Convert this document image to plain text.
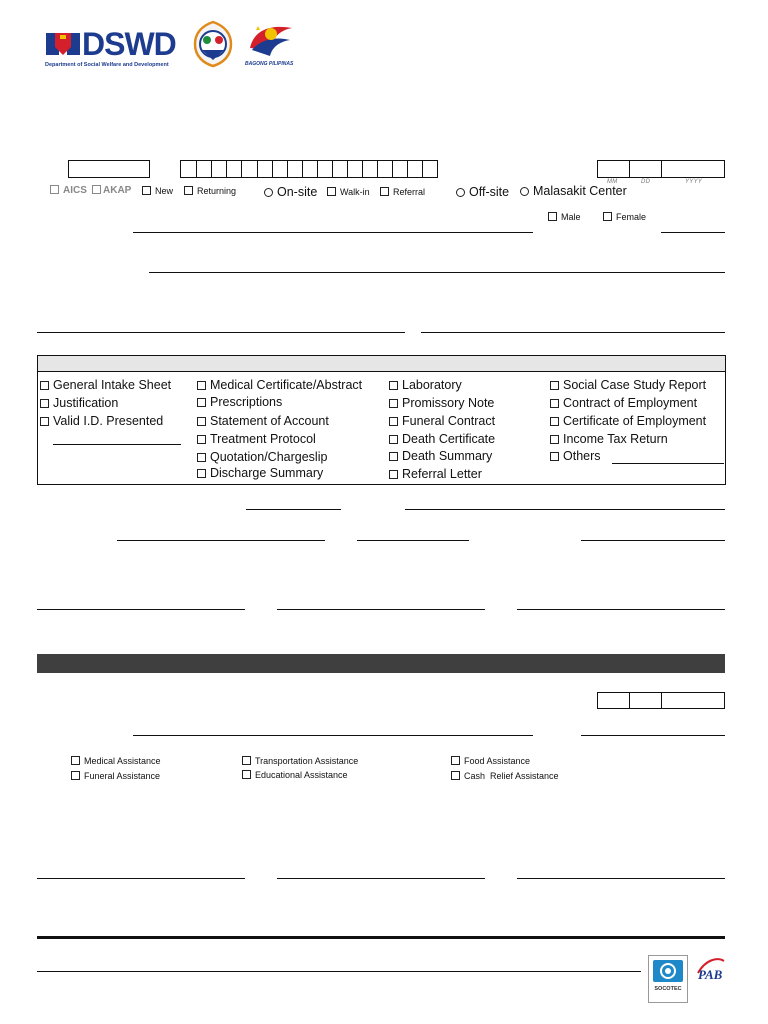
DSWD
Department of Social Welfare and Development	BAGONG PILIPINAS
MM	DD	YYYY
AICS	AKAP	New	Returning	On-site	Walk-in	Referral	Off-site	Malasakit Center
Male	Female
General Intake Sheet
Justification
Valid I.D. Presented
Medical Certificate/Abstract
Prescriptions
Statement of Account
Treatment Protocol
Quotation/Chargeslip
Discharge Summary
Laboratory
Promissory Note
Funeral Contract
Death Certificate
Death Summary
Referral Letter
Social Case Study Report
Contract of Employment
Certificate of Employment
Income Tax Return
Others
Medical Assistance
Funeral Assistance
Transportation Assistance
Educational Assistance
Food Assistance
Cash  Relief Assistance
SOCOTEC
PAB
